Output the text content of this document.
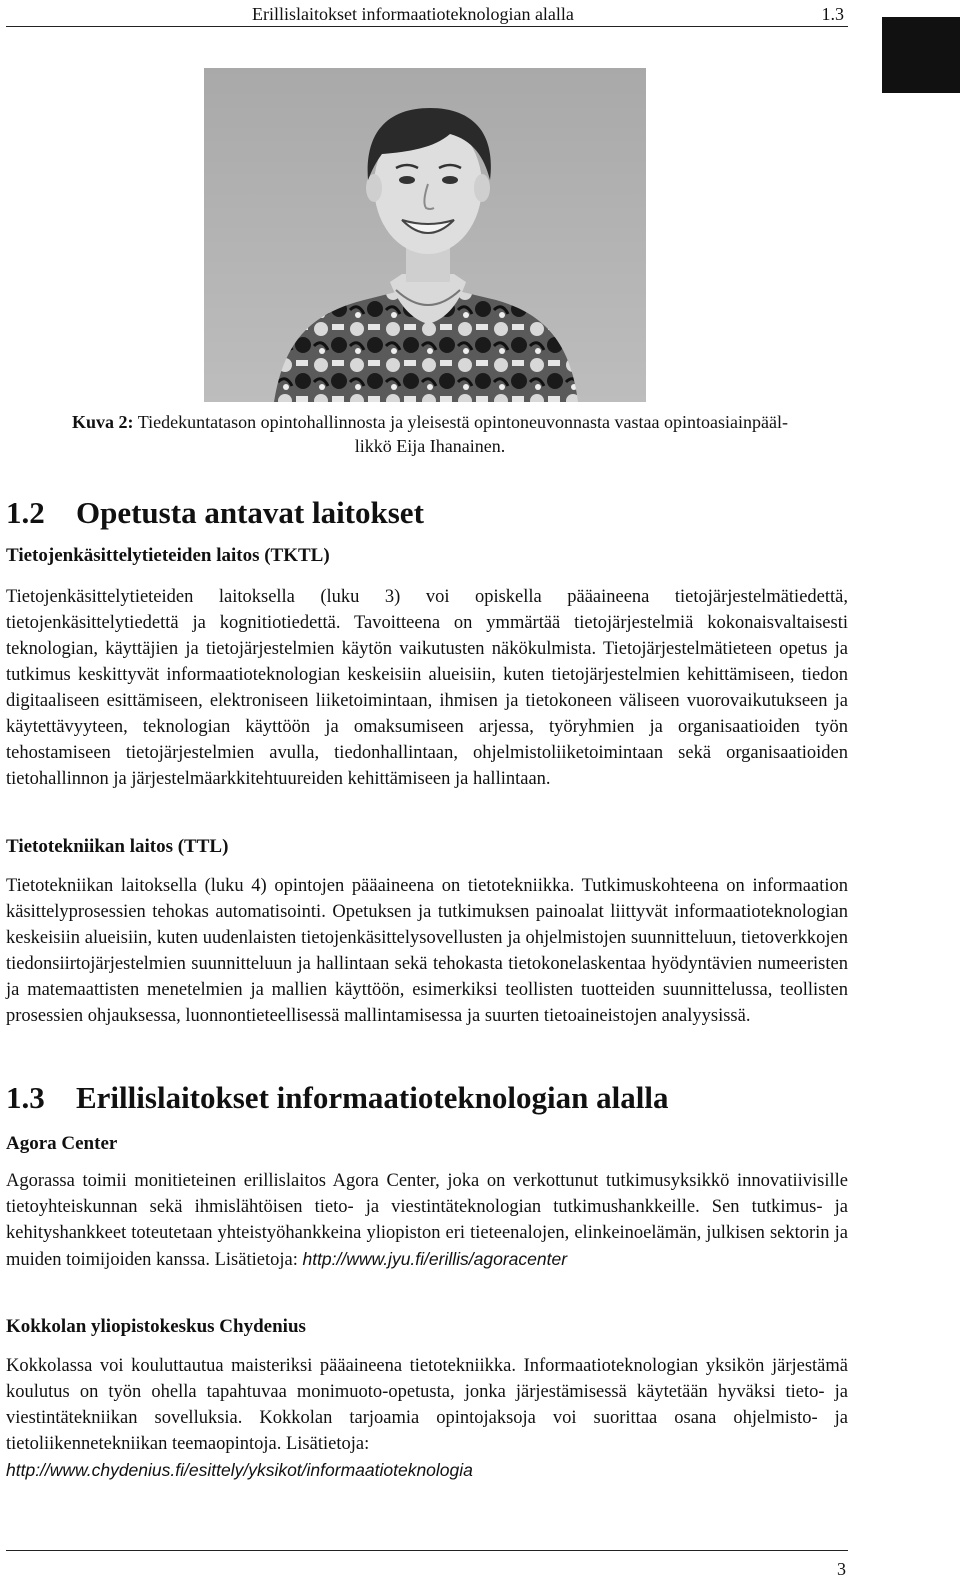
Erillislaitokset informaatioteknologian alalla	1.3

Kuva 2: Tiedekuntatason opintohallinnosta ja yleisestä opintoneuvonnasta vastaa opintoasiainpääl-
likkö Eija Ihanainen.

1.2 Opetusta antavat laitokset
Tietojenkäsittelytieteiden laitos (TKTL)

Tietojenkäsittelytieteiden laitoksella (luku 3) voi opiskella pääaineena tietojärjestelmätiedettä, tietojenkäsittelytiedettä ja kognitiotiedettä. Tavoitteena on ymmärtää tietojärjestelmiä kokonaisvaltaisesti teknologian, käyttäjien ja tietojärjestelmien käytön vaikutusten näkökulmista. Tietojärjestelmätieteen opetus ja tutkimus keskittyvät informaatioteknologian keskeisiin alueisiin, kuten tietojärjestelmien kehittämiseen, tiedon digitaaliseen esittämiseen, elektroniseen liiketoimintaan, ihmisen ja tietokoneen väliseen vuorovaikutukseen ja käytettävyyteen, teknologian käyttöön ja omaksumiseen arjessa, työryhmien ja organisaatioiden työn tehostamiseen tietojärjestelmien avulla, tiedonhallintaan, ohjelmistoliiketoimintaan sekä organisaatioiden tietohallinnon ja järjestelmäarkkitehtuureiden kehittämiseen ja hallintaan.

Tietotekniikan laitos (TTL)

Tietotekniikan laitoksella (luku 4) opintojen pääaineena on tietotekniikka. Tutkimuskohteena on informaation käsittelyprosessien tehokas automatisointi. Opetuksen ja tutkimuksen painoalat liittyvät informaatioteknologian keskeisiin alueisiin, kuten uudenlaisten tietojenkäsittelysovellusten ja ohjelmistojen suunnitteluun, tietoverkkojen tiedonsiirtojärjestelmien suunnitteluun ja hallintaan sekä tehokasta tietokonelaskentaa hyödyntävien numeeristen ja matemaattisten menetelmien ja mallien käyttöön, esimerkiksi teollisten tuotteiden suunnittelussa, teollisten prosessien ohjauksessa, luonnontieteellisessä mallintamisessa ja suurten tietoaineistojen analyysissä.

1.3 Erillislaitokset informaatioteknologian alalla
Agora Center

Agorassa toimii monitieteinen erillislaitos Agora Center, joka on verkottunut tutkimusyksikkö innovatiivisille tietoyhteiskunnan sekä ihmislähtöisen tieto- ja viestintäteknologian tutkimushankkeille. Sen tutkimus- ja kehityshankkeet toteutetaan yhteistyöhankkeina yliopiston eri tieteenalojen, elinkeinoelämän, julkisen sektorin ja muiden toimijoiden kanssa. Lisätietoja: http://www.jyu.fi/erillis/agoracenter

Kokkolan yliopistokeskus Chydenius

Kokkolassa voi kouluttautua maisteriksi pääaineena tietotekniikka. Informaatioteknologian yksikön järjestämä koulutus on työn ohella tapahtuvaa monimuoto-opetusta, jonka järjestämisessä käytetään hyväksi tieto- ja viestintätekniikan sovelluksia. Kokkolan tarjoamia opintojaksoja voi suorittaa osana ohjelmisto- ja tietoliikennetekniikan teemaopintoja. Lisätietoja:
http://www.chydenius.fi/esittely/yksikot/informaatioteknologia

3
